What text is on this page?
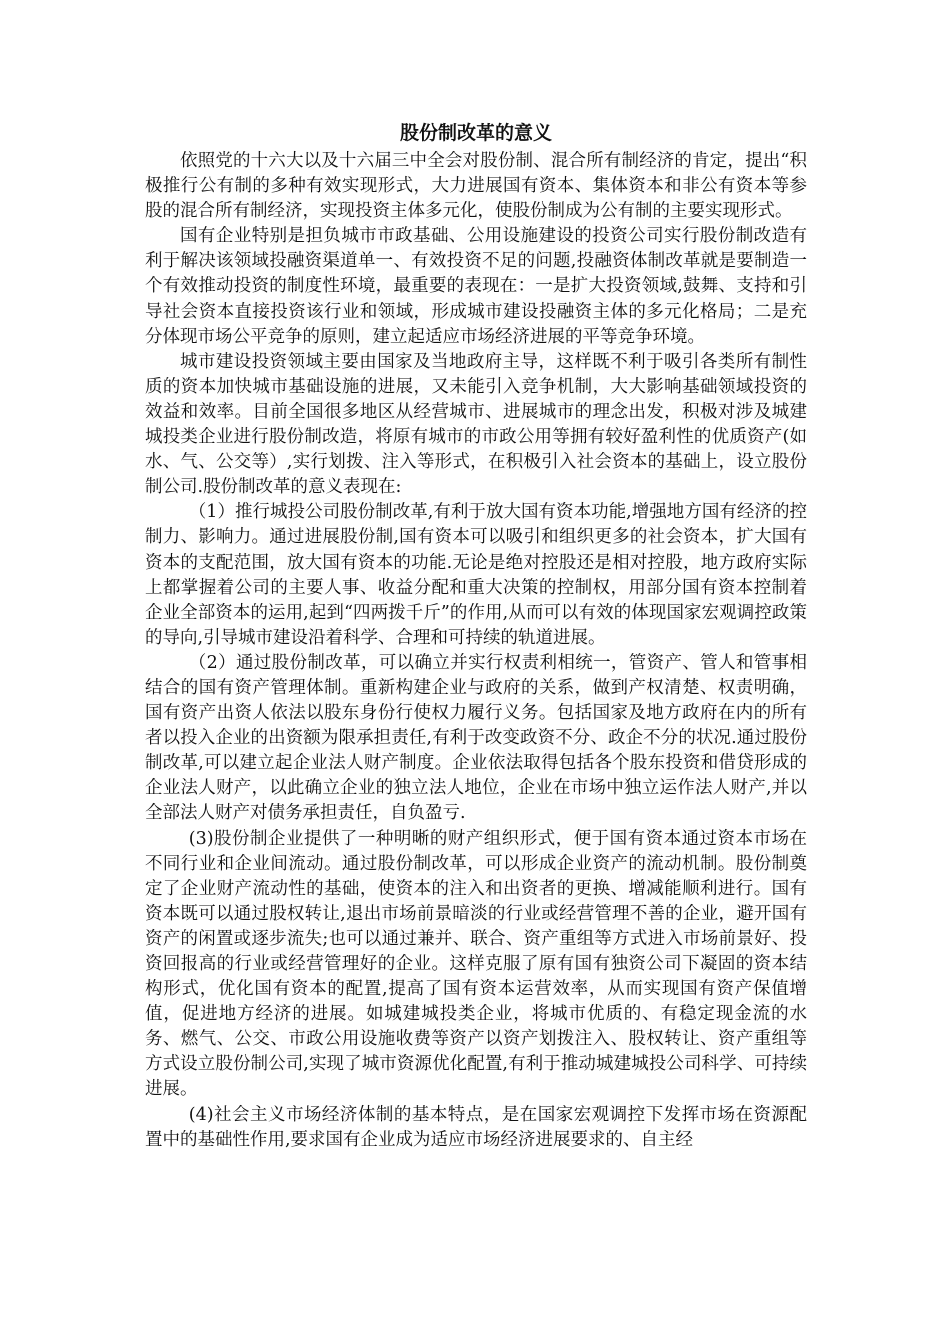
股份制改革的意义

依照党的十六大以及十六届三中全会对股份制、混合所有制经济的肯定，提出“积极推行公有制的多种有效实现形式，大力进展国有资本、集体资本和非公有资本等参股的混合所有制经济，实现投资主体多元化，使股份制成为公有制的主要实现形式。

国有企业特别是担负城市市政基础、公用设施建设的投资公司实行股份制改造有利于解决该领域投融资渠道单一、有效投资不足的问题,投融资体制改革就是要制造一个有效推动投资的制度性环境，最重要的表现在：一是扩大投资领域,鼓舞、支持和引导社会资本直接投资该行业和领域，形成城市建设投融资主体的多元化格局；二是充分体现市场公平竞争的原则，建立起适应市场经济进展的平等竞争环境。

城市建设投资领域主要由国家及当地政府主导，这样既不利于吸引各类所有制性质的资本加快城市基础设施的进展，又未能引入竞争机制，大大影响基础领域投资的效益和效率。目前全国很多地区从经营城市、进展城市的理念出发，积极对涉及城建城投类企业进行股份制改造，将原有城市的市政公用等拥有较好盈利性的优质资产(如水、气、公交等）,实行划拨、注入等形式，在积极引入社会资本的基础上，设立股份制公司.股份制改革的意义表现在:

（1）推行城投公司股份制改革,有利于放大国有资本功能,增强地方国有经济的控制力、影响力。通过进展股份制,国有资本可以吸引和组织更多的社会资本，扩大国有资本的支配范围，放大国有资本的功能.无论是绝对控股还是相对控股，地方政府实际上都掌握着公司的主要人事、收益分配和重大决策的控制权，用部分国有资本控制着企业全部资本的运用,起到“四两拨千斤”的作用,从而可以有效的体现国家宏观调控政策的导向,引导城市建设沿着科学、合理和可持续的轨道进展。

（2）通过股份制改革，可以确立并实行权责利相统一，管资产、管人和管事相结合的国有资产管理体制。重新构建企业与政府的关系，做到产权清楚、权责明确，国有资产出资人依法以股东身份行使权力履行义务。包括国家及地方政府在内的所有者以投入企业的出资额为限承担责任,有利于改变政资不分、政企不分的状况.通过股份制改革,可以建立起企业法人财产制度。企业依法取得包括各个股东投资和借贷形成的企业法人财产，以此确立企业的独立法人地位，企业在市场中独立运作法人财产,并以全部法人财产对债务承担责任，自负盈亏.

(3)股份制企业提供了一种明晰的财产组织形式，便于国有资本通过资本市场在不同行业和企业间流动。通过股份制改革，可以形成企业资产的流动机制。股份制奠定了企业财产流动性的基础，使资本的注入和出资者的更换、增减能顺利进行。国有资本既可以通过股权转让,退出市场前景暗淡的行业或经营管理不善的企业，避开国有资产的闲置或逐步流失;也可以通过兼并、联合、资产重组等方式进入市场前景好、投资回报高的行业或经营管理好的企业。这样克服了原有国有独资公司下凝固的资本结构形式，优化国有资本的配置,提高了国有资本运营效率，从而实现国有资产保值增值，促进地方经济的进展。如城建城投类企业，将城市优质的、有稳定现金流的水务、燃气、公交、市政公用设施收费等资产以资产划拨注入、股权转让、资产重组等方式设立股份制公司,实现了城市资源优化配置,有利于推动城建城投公司科学、可持续进展。

(4)社会主义市场经济体制的基本特点，是在国家宏观调控下发挥市场在资源配置中的基础性作用,要求国有企业成为适应市场经济进展要求的、自主经
